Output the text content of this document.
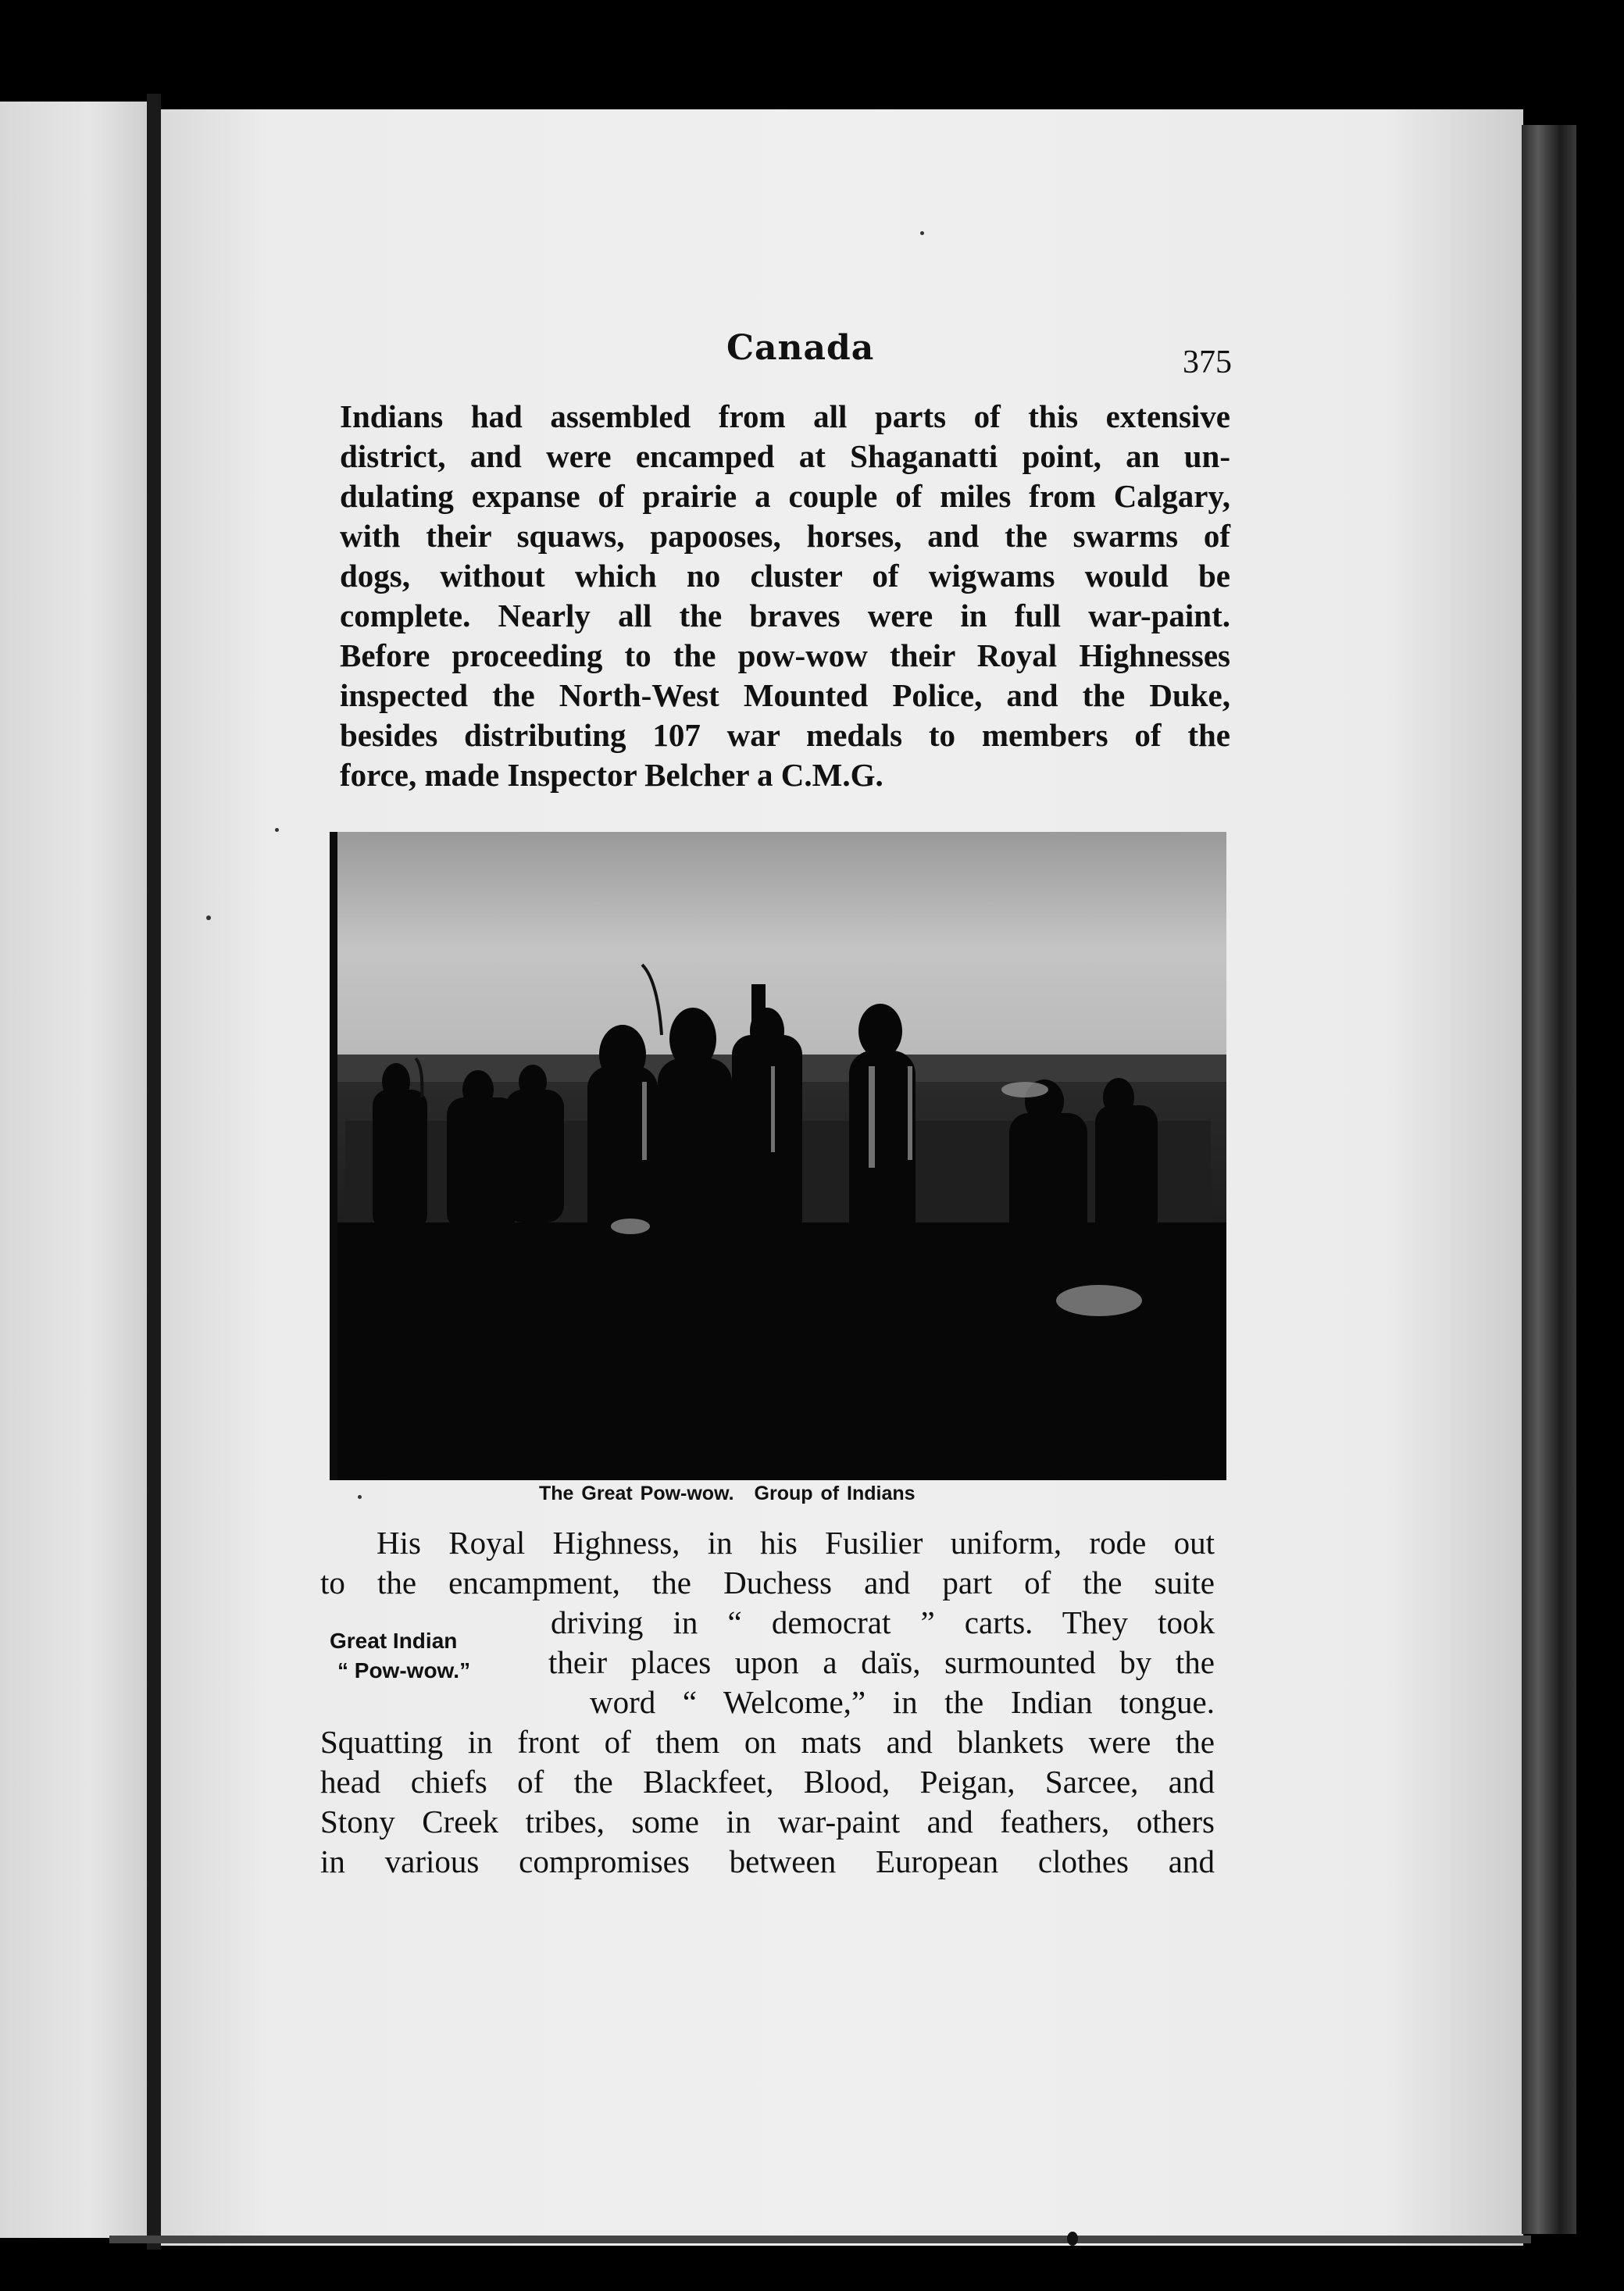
Canada	375
Indians had assembled from all parts of this extensive
district, and were encamped at Shaganatti point, an un-
dulating expanse of prairie a couple of miles from Calgary,
with their squaws, papooses, horses, and the swarms of
dogs, without which no cluster of wigwams would be
complete. Nearly all the braves were in full war-paint.
Before proceeding to the pow-wow their Royal Highnesses
inspected the North-West Mounted Police, and the Duke,
besides distributing 107 war medals to members of the
force, made Inspector Belcher a C.M.G.
The Great Pow-wow. Group of Indians
His Royal Highness, in his Fusilier uniform, rode out
to the encampment, the Duchess and part of the suite
driving in “ democrat ” carts. They took
their places upon a daïs, surmounted by the
word “ Welcome,” in the Indian tongue.
Squatting in front of them on mats and blankets were the
head chiefs of the Blackfeet, Blood, Peigan, Sarcee, and
Stony Creek tribes, some in war-paint and feathers, others
in various compromises between European clothes and
Great Indian
“ Pow-wow.”
